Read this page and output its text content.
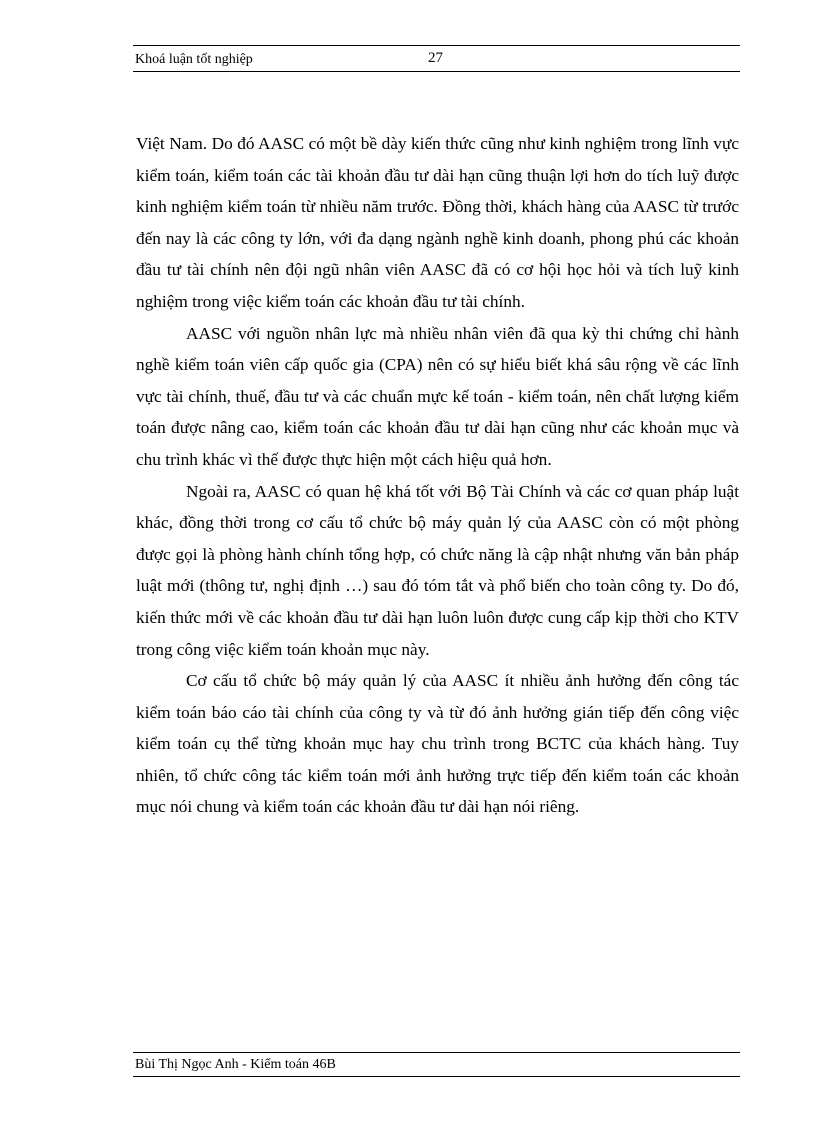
Khoá luận tốt nghiệp	27

Việt Nam. Do đó AASC có một bề dày kiến thức cũng như kinh nghiệm trong lĩnh vực kiểm toán, kiểm toán các tài khoản đầu tư dài hạn cũng thuận lợi hơn do tích luỹ được kinh nghiệm kiểm toán từ nhiều năm trước. Đồng thời, khách hàng của AASC từ trước đến nay là các công ty lớn, với đa dạng ngành nghề kinh doanh, phong phú các khoản đầu tư tài chính nên đội ngũ nhân viên AASC đã có cơ hội học hỏi và tích luỹ kinh nghiệm trong việc kiểm toán các khoản đầu tư tài chính.

AASC với nguồn nhân lực mà nhiều nhân viên đã qua kỳ thi chứng chỉ hành nghề kiểm toán viên cấp quốc gia (CPA) nên có sự hiểu biết khá sâu rộng về các lĩnh vực tài chính, thuế, đầu tư và các chuẩn mực kế toán - kiểm toán, nên chất lượng kiểm toán được nâng cao, kiểm toán các khoản đầu tư dài hạn cũng như các khoản mục và chu trình khác vì thế được thực hiện một cách hiệu quả hơn.

Ngoài ra, AASC có quan hệ khá tốt với Bộ Tài Chính và các cơ quan pháp luật khác, đồng thời trong cơ cấu tổ chức bộ máy quản lý của AASC còn có một phòng được gọi là phòng hành chính tổng hợp, có chức năng là cập nhật nhưng văn bản pháp luật mới (thông tư, nghị định …) sau đó tóm tắt và phổ biến cho toàn công ty. Do đó, kiến thức mới về các khoản đầu tư dài hạn luôn luôn được cung cấp kịp thời cho KTV trong công việc kiểm toán khoản mục này.

Cơ cấu tổ chức bộ máy quản lý của AASC ít nhiều ảnh hưởng đến công tác kiểm toán báo cáo tài chính của công ty và từ đó ảnh hưởng gián tiếp đến công việc kiểm toán cụ thể từng khoản mục hay chu trình trong BCTC của khách hàng. Tuy nhiên, tổ chức công tác kiểm toán mới ảnh hưởng trực tiếp đến kiểm toán các khoản mục nói chung và kiểm toán các khoản đầu tư dài hạn nói riêng.

Bùi Thị Ngọc Anh - Kiểm toán 46B
